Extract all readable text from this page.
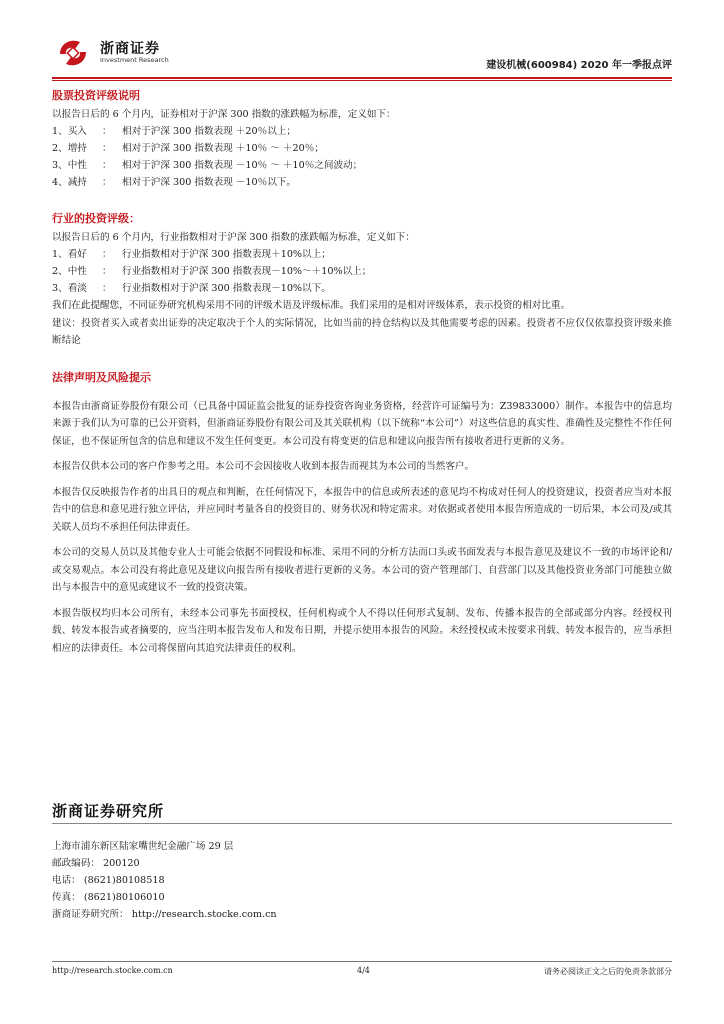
浙商证券
Investment Research	建设机械(600984) 2020 年一季报点评
股票投资评级说明
以报告日后的 6 个月内，证券相对于沪深 300 指数的涨跌幅为标准，定义如下：
1、买入	：	相对于沪深 300 指数表现 ＋20％以上；
2、增持	：	相对于沪深 300 指数表现 ＋10％ ～ ＋20％；
3、中性	：	相对于沪深 300 指数表现 －10％ ～ ＋10％之间波动；
4、减持	：	相对于沪深 300 指数表现 －10％以下。
行业的投资评级：
以报告日后的 6 个月内，行业指数相对于沪深 300 指数的涨跌幅为标准，定义如下：
1、看好	：	行业指数相对于沪深 300 指数表现＋10%以上；
2、中性	：	行业指数相对于沪深 300 指数表现－10%～＋10%以上；
3、看淡	：	行业指数相对于沪深 300 指数表现－10%以下。
我们在此提醒您，不同证券研究机构采用不同的评级术语及评级标准。我们采用的是相对评级体系，表示投资的相对比重。
建议：投资者买入或者卖出证券的决定取决于个人的实际情况，比如当前的持仓结构以及其他需要考虑的因素。投资者不应仅仅依靠投资评级来推断结论
法律声明及风险提示
本报告由浙商证券股份有限公司（已具备中国证监会批复的证券投资咨询业务资格，经营许可证编号为：Z39833000）制作。本报告中的信息均来源于我们认为可靠的已公开资料，但浙商证券股份有限公司及其关联机构（以下统称“本公司”）对这些信息的真实性、准确性及完整性不作任何保证，也不保证所包含的信息和建议不发生任何变更。本公司没有将变更的信息和建议向报告所有接收者进行更新的义务。
本报告仅供本公司的客户作参考之用。本公司不会因接收人收到本报告而视其为本公司的当然客户。
本报告仅反映报告作者的出具日的观点和判断，在任何情况下，本报告中的信息或所表述的意见均不构成对任何人的投资建议，投资者应当对本报告中的信息和意见进行独立评估，并应同时考量各自的投资目的、财务状况和特定需求。对依据或者使用本报告所造成的一切后果，本公司及/或其关联人员均不承担任何法律责任。
本公司的交易人员以及其他专业人士可能会依据不同假设和标准、采用不同的分析方法而口头或书面发表与本报告意见及建议不一致的市场评论和/或交易观点。本公司没有将此意见及建议向报告所有接收者进行更新的义务。本公司的资产管理部门、自营部门以及其他投资业务部门可能独立做出与本报告中的意见或建议不一致的投资决策。
本报告版权均归本公司所有，未经本公司事先书面授权，任何机构或个人不得以任何形式复制、发布、传播本报告的全部或部分内容。经授权刊载、转发本报告或者摘要的，应当注明本报告发布人和发布日期，并提示使用本报告的风险。未经授权或未按要求刊载、转发本报告的，应当承担相应的法律责任。本公司将保留向其追究法律责任的权利。
浙商证券研究所
上海市浦东新区陆家嘴世纪金融广场 29 层
邮政编码： 200120
电话： (8621)80108518
传真： (8621)80106010
浙商证券研究所： http://research.stocke.com.cn
http://research.stocke.com.cn	4/4	请务必阅读正文之后的免责条款部分
